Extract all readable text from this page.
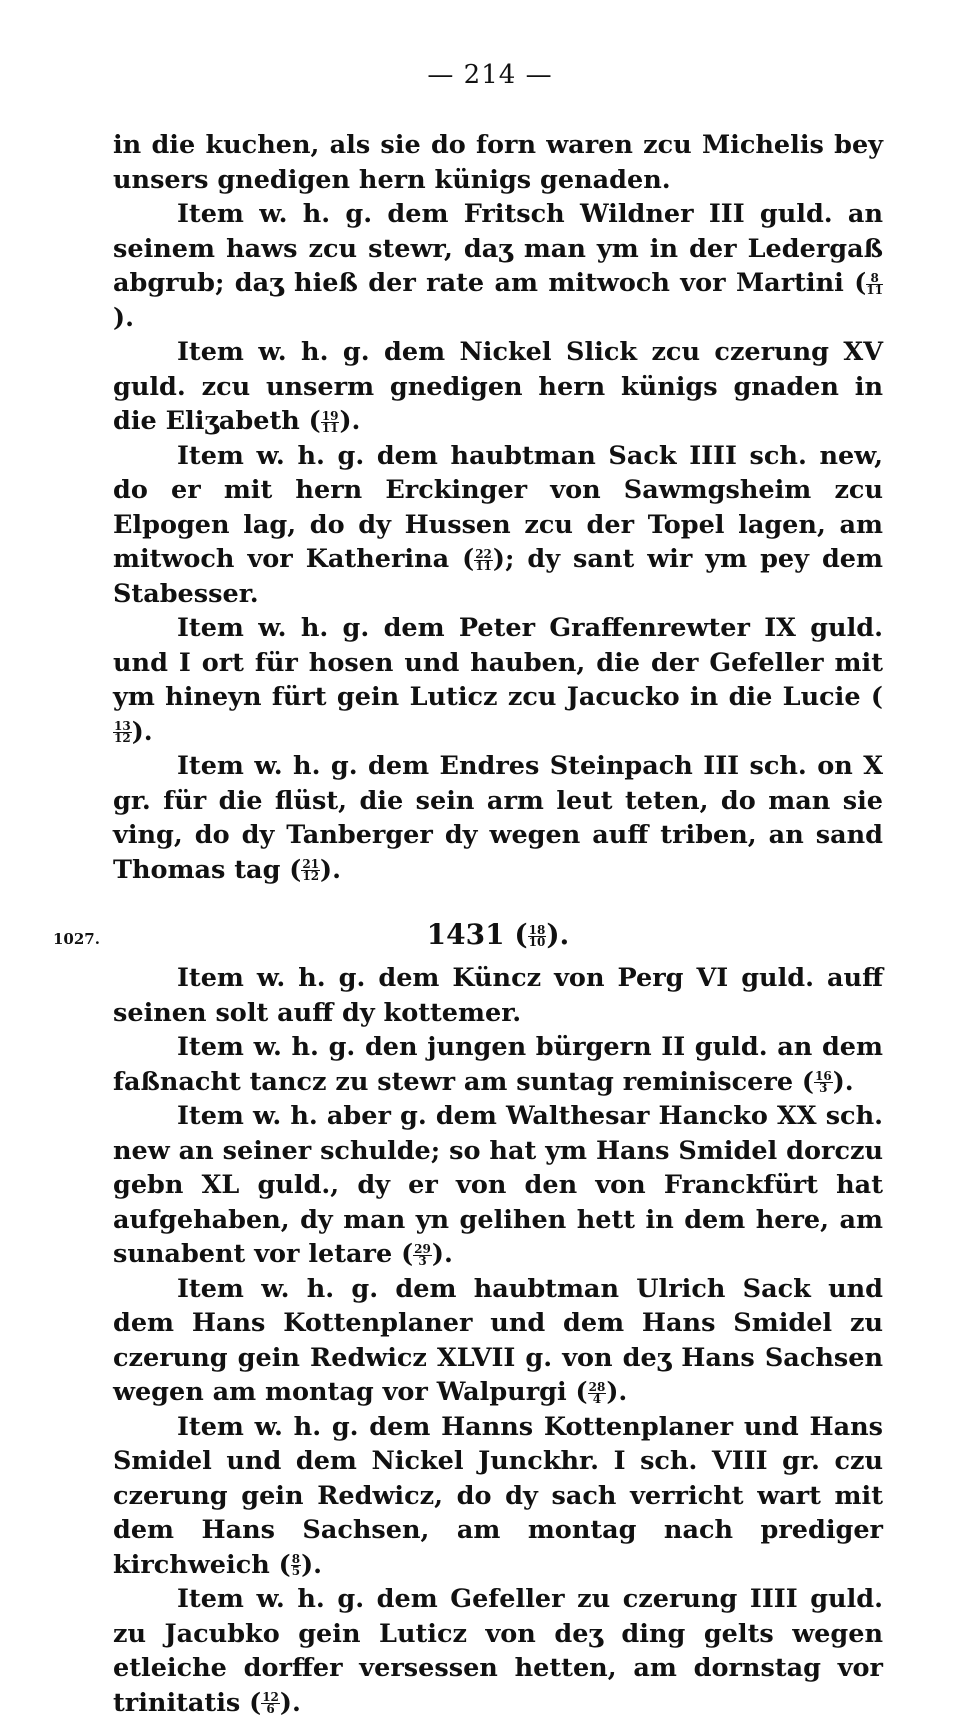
— 214 —

in die kuchen, als sie do forn waren zcu Michelis bey unsers gnedigen hern künigs genaden.

Item w. h. g. dem Fritsch Wildner III guld. an seinem haws zcu stewr, daʒ man ym in der Ledergaß abgrub; daʒ hieß der rate am mitwoch vor Martini ( $\frac{8}{11}$
).

Item w. h. g. dem Nickel Slick zcu czerung XV guld. zcu unserm gnedigen hern künigs gnaden in die Eliʒabeth ( $\frac{19}{11}$ ).

Item w. h. g. dem haubtman Sack IIII sch. new, do er mit hern Erckinger von Sawmgsheim zcu Elpogen lag, do dy Hussen zcu der Topel lagen, am mitwoch vor Katherina ( $\frac{22}{11}$ ); dy sant wir ym pey dem Stabesser.

Item w. h. g. dem Peter Graffenrewter IX guld. und I ort für hosen und hauben, die der Gefeller mit ym hineyn fürt gein Luticz zcu Jacucko in die Lucie (
$\frac{13}{12}$ ).

Item w. h. g. dem Endres Steinpach III sch. on X gr. für die flüst, die sein arm leut teten, do man sie ving, do dy Tanberger dy wegen auff triben, an sand Thomas tag ( $\frac{21}{12}$ ).

1027.	1431 ( $\frac{18}{10}$ ).

Item w. h. g. dem Küncz von Perg VI guld. auff seinen solt auff dy kottemer.

Item w. h. g. den jungen bürgern II guld. an dem faßnacht tancz zu stewr am suntag reminiscere ( $\frac{16}{3}$ ).

Item w. h. aber g. dem Walthesar Hancko XX sch. new an seiner schulde; so hat ym Hans Smidel dorczu gebn XL guld., dy er von den von Franckfürt hat aufgehaben, dy man yn gelihen hett in dem here, am sunabent vor letare ( $\frac{29}{3}$ ).

Item w. h. g. dem haubtman Ulrich Sack und dem Hans Kottenplaner und dem Hans Smidel zu czerung gein Redwicz XLVII g. von deʒ Hans Sachsen wegen am montag vor Walpurgi ( $\frac{28}{4}$ ).

Item w. h. g. dem Hanns Kottenplaner und Hans Smidel und dem Nickel Junckhr. I sch. VIII gr. czu czerung gein Redwicz, do dy sach verricht wart mit dem Hans Sachsen, am montag nach prediger kirchweich ( $\frac{8}{5}$ ).

Item w. h. g. dem Gefeller zu czerung IIII guld. zu Jacubko gein Luticz von deʒ ding gelts wegen etleiche dorffer versessen hetten, am dornstag vor trinitatis ( $\frac{12}{6}$ ).
